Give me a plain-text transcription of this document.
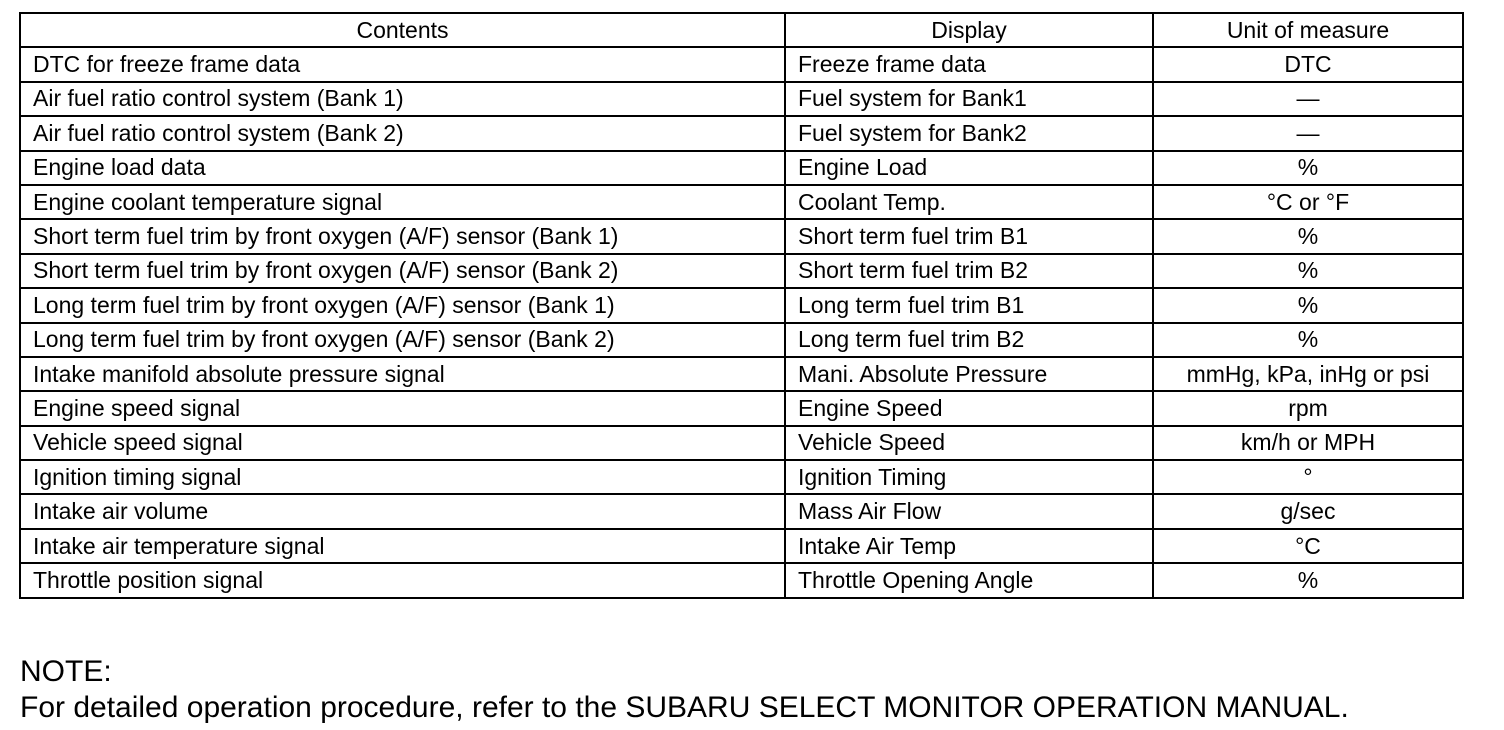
Contents	Display	Unit of measure
DTC for freeze frame data	Freeze frame data	DTC
Air fuel ratio control system (Bank 1)	Fuel system for Bank1	—
Air fuel ratio control system (Bank 2)	Fuel system for Bank2	—
Engine load data	Engine Load	%
Engine coolant temperature signal	Coolant Temp.	°C or °F
Short term fuel trim by front oxygen (A/F) sensor (Bank 1)	Short term fuel trim B1	%
Short term fuel trim by front oxygen (A/F) sensor (Bank 2)	Short term fuel trim B2	%
Long term fuel trim by front oxygen (A/F) sensor (Bank 1)	Long term fuel trim B1	%
Long term fuel trim by front oxygen (A/F) sensor (Bank 2)	Long term fuel trim B2	%
Intake manifold absolute pressure signal	Mani. Absolute Pressure	mmHg, kPa, inHg or psi
Engine speed signal	Engine Speed	rpm
Vehicle speed signal	Vehicle Speed	km/h or MPH
Ignition timing signal	Ignition Timing	°
Intake air volume	Mass Air Flow	g/sec
Intake air temperature signal	Intake Air Temp	°C
Throttle position signal	Throttle Opening Angle	%
NOTE:
For detailed operation procedure, refer to the SUBARU SELECT MONITOR OPERATION MANUAL.
